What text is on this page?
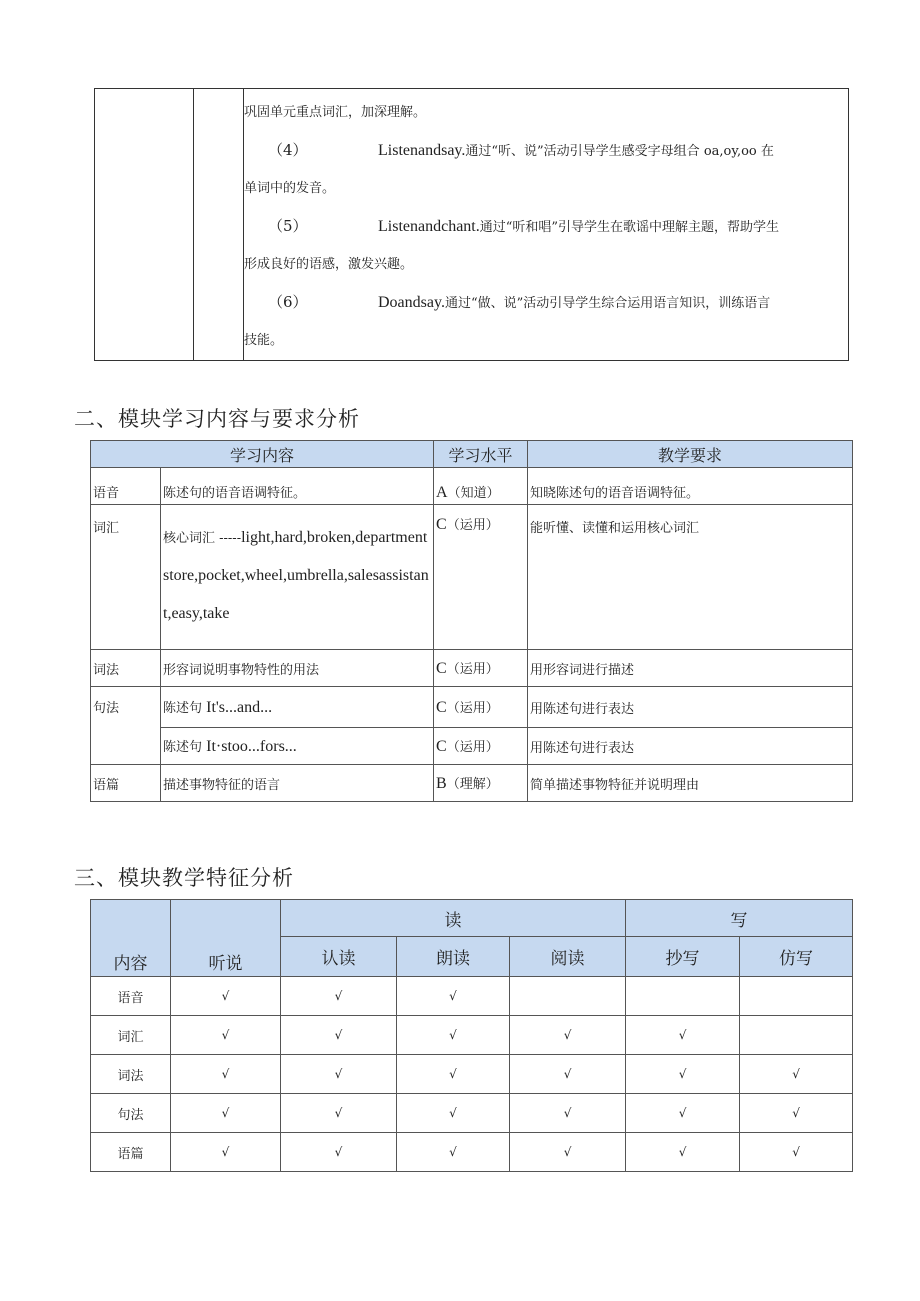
巩固单元重点词汇，加深理解。
（4）	Listenandsay.通过“听、说”活动引导学生感受字母组合 oa,oy,oo 在
单词中的发音。
（5）	Listenandchant.通过“听和唱”引导学生在歌谣中理解主题，帮助学生
形成良好的语感，激发兴趣。
（6）	Doandsay.通过“做、说”活动引导学生综合运用语言知识，训练语言
技能。
二、模块学习内容与要求分析
学习内容		学习水平	教学要求
语音	陈述句的语音语调特征。	A（知道）	知晓陈述句的语音语调特征。
词汇	核心词汇 -----light,hard,broken,departmentstore,pocket,wheel,umbrella,salesassistant,easy,take	C（运用）	能听懂、读懂和运用核心词汇
词法	形容词说明事物特性的用法	C（运用）	用形容词进行描述
句法	陈述句 It's...and...	C（运用）	用陈述句进行表达
	陈述句 It·stoo...fors...	C（运用）	用陈述句进行表达
语篇	描述事物特征的语言	B（理解）	简单描述事物特征并说明理由
三、模块教学特征分析
内容	听说	读			写	
		认读	朗读	阅读	抄写	仿写
语音	√	√	√			
词汇	√	√	√	√	√	
词法	√	√	√	√	√	√
句法	√	√	√	√	√	√
语篇	√	√	√	√	√	√
